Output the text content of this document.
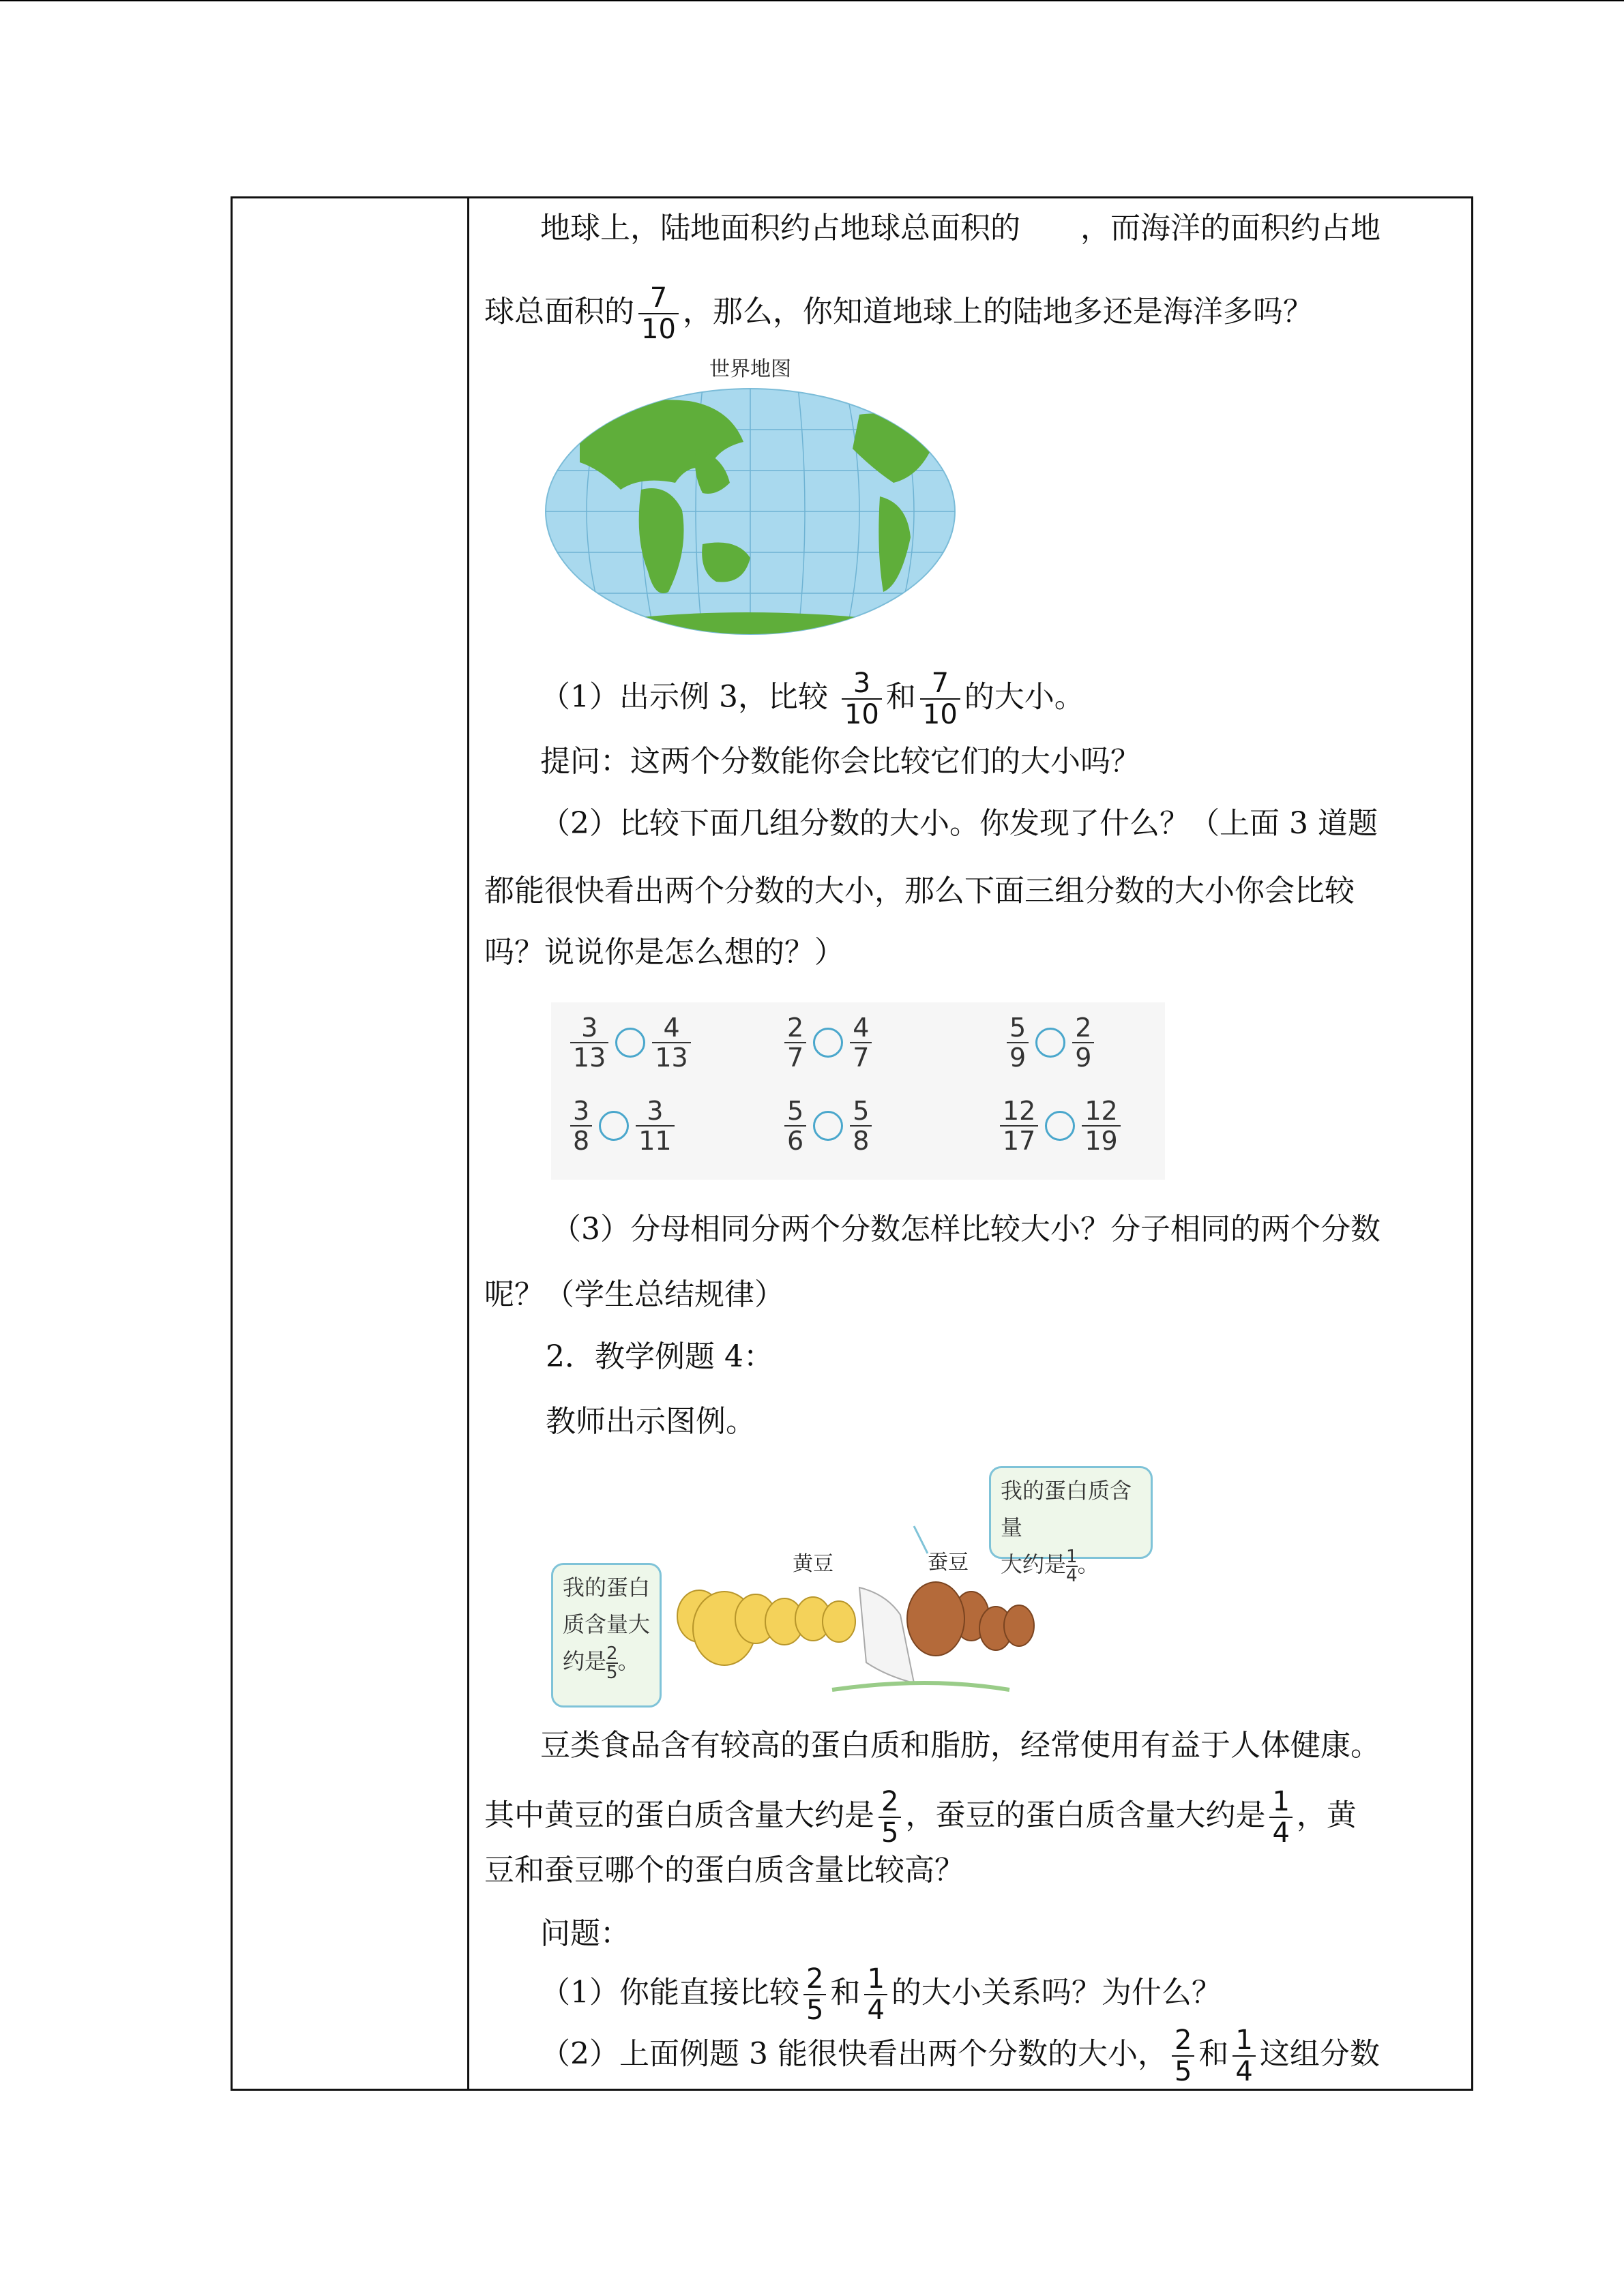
地球上，陆地面积约占地球总面积的　　，而海洋的面积约占地
球总面积的 $\frac{7}{10}$ ，那么，你知道地球上的陆地多还是海洋多吗？
世界地图
（1）出示例 3，比较 $\frac{3}{10}$ 和 $\frac{7}{10}$ 的大小。
提问：这两个分数能你会比较它们的大小吗？
（2）比较下面几组分数的大小。你发现了什么？（上面 3 道题
都能很快看出两个分数的大小，那么下面三组分数的大小你会比较
吗？说说你是怎么想的？）
3
13
4
13
2
7
4
7
5
9
2
9
3
8
3
11
5
6
5
8
12
17
12
19
（3）分母相同分两个分数怎样比较大小？分子相同的两个分数
呢？（学生总结规律）
2．教学例题 4：
教师出示图例。
黄豆	蚕豆
我的蛋白
质含量大
约是 $\frac{2}{5}$ 。
我的蛋白质含量
大约是 $\frac{1}{4}$ 。
豆类食品含有较高的蛋白质和脂肪，经常使用有益于人体健康。
其中黄豆的蛋白质含量大约是 $\frac{2}{5}$ ，蚕豆的蛋白质含量大约是 $\frac{1}{4}$ ，黄
豆和蚕豆哪个的蛋白质含量比较高？
问题：
（1）你能直接比较 $\frac{2}{5}$ 和 $\frac{1}{4}$ 的大小关系吗？为什么？
（2）上面例题 3 能很快看出两个分数的大小， $\frac{2}{5}$ 和 $\frac{1}{4}$ 这组分数
